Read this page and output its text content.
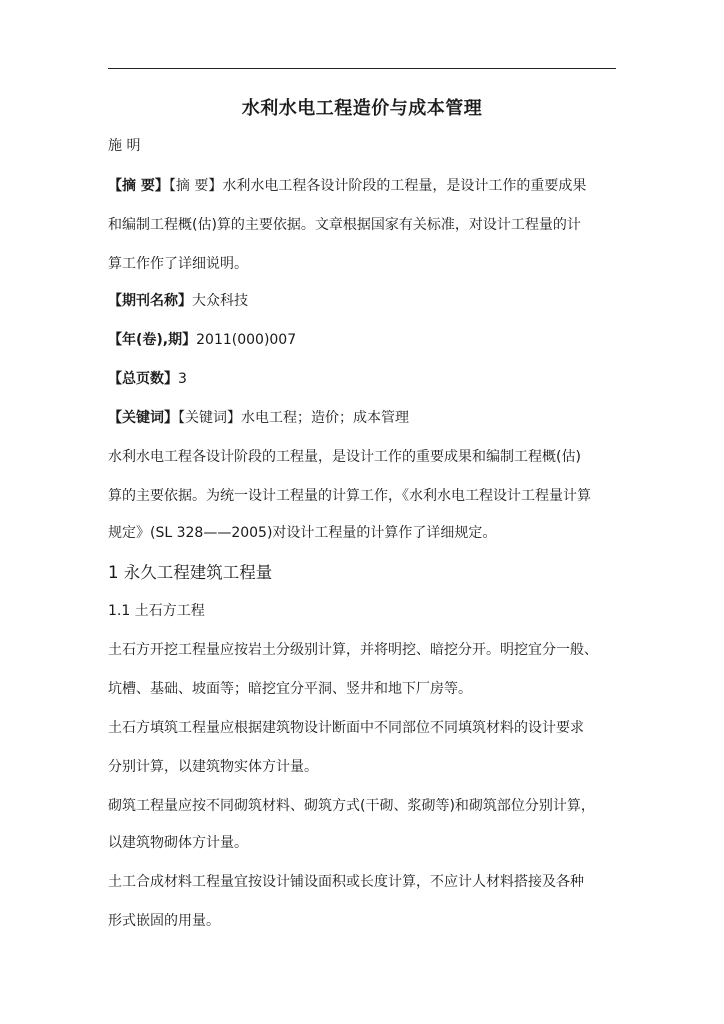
水利水电工程造价与成本管理
施 明
【摘 要】【摘 要】水利水电工程各设计阶段的工程量，是设计工作的重要成果
和编制工程概(估)算的主要依据。文章根据国家有关标准，对设计工程量的计
算工作作了详细说明。
【期刊名称】大众科技
【年(卷),期】2011(000)007
【总页数】3
【关键词】【关键词】水电工程；造价；成本管理
水利水电工程各设计阶段的工程量，是设计工作的重要成果和编制工程概(估)
算的主要依据。为统一设计工程量的计算工作，《水利水电工程设计工程量计算
规定》(SL 328——2005)对设计工程量的计算作了详细规定。
1 永久工程建筑工程量
1.1 土石方工程
土石方开挖工程量应按岩土分级别计算，并将明挖、暗挖分开。明挖宜分一般、
坑槽、基础、坡面等；暗挖宜分平洞、竖井和地下厂房等。
土石方填筑工程量应根据建筑物设计断面中不同部位不同填筑材料的设计要求
分别计算，以建筑物实体方计量。
砌筑工程量应按不同砌筑材料、砌筑方式(干砌、浆砌等)和砌筑部位分别计算，
以建筑物砌体方计量。
土工合成材料工程量宜按设计铺设面积或长度计算，不应计人材料搭接及各种
形式嵌固的用量。
